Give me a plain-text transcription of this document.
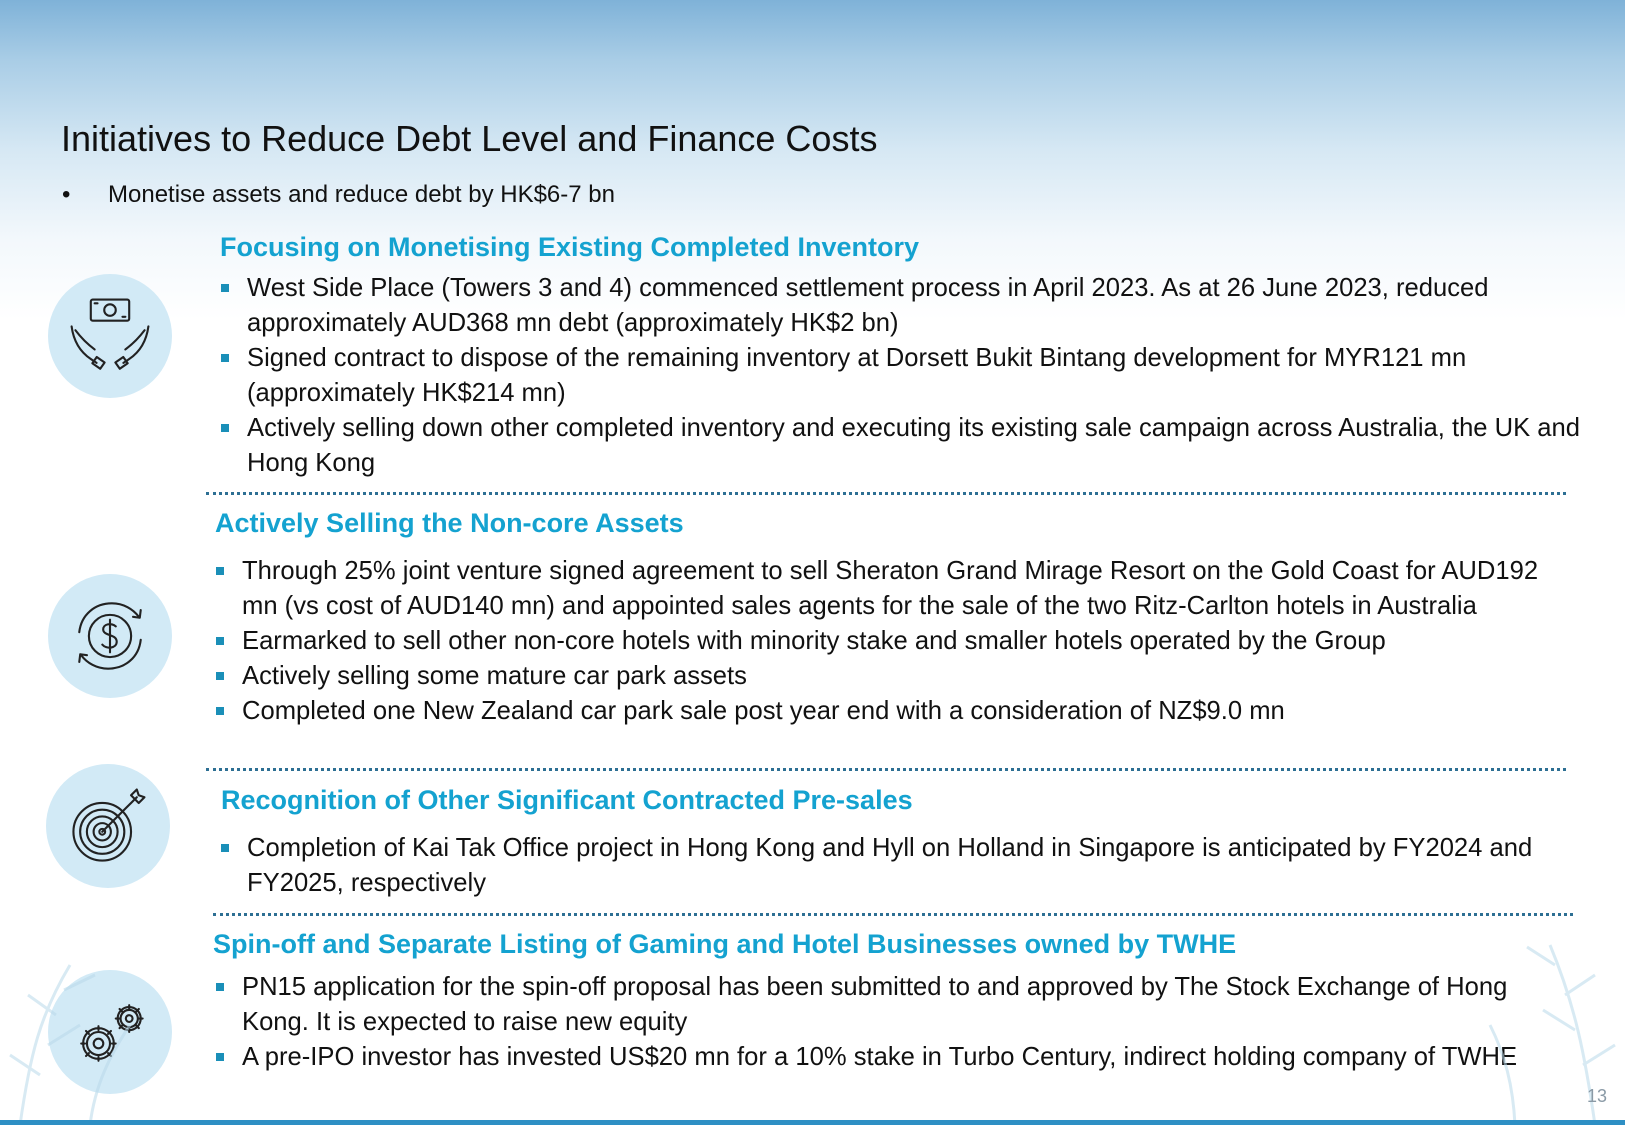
Initiatives to Reduce Debt Level and Finance Costs
• Monetise assets and reduce debt by HK$6-7 bn
Focusing on Monetising Existing Completed Inventory
West Side Place (Towers 3 and 4) commenced settlement process in April 2023. As at 26 June 2023, reduced approximately AUD368 mn debt (approximately HK$2 bn)
Signed contract to dispose of the remaining inventory at Dorsett Bukit Bintang development for MYR121 mn (approximately HK$214 mn)
Actively selling down other completed inventory and executing its existing sale campaign across Australia, the UK and Hong Kong
Actively Selling the Non-core Assets
Through 25% joint venture signed agreement to sell Sheraton Grand Mirage Resort on the Gold Coast for AUD192 mn (vs cost of AUD140 mn) and appointed sales agents for the sale of the two Ritz-Carlton hotels in Australia
Earmarked to sell other non-core hotels with minority stake and smaller hotels operated by the Group
Actively selling some mature car park assets
Completed one New Zealand car park sale post year end with a consideration of NZ$9.0 mn
Recognition of Other Significant Contracted Pre-sales
Completion of Kai Tak Office project in Hong Kong and Hyll on Holland in Singapore is anticipated by FY2024 and FY2025, respectively
Spin-off and Separate Listing of Gaming and Hotel Businesses owned by TWHE
PN15 application for the spin-off proposal has been submitted to and approved by The Stock Exchange of Hong Kong. It is expected to raise new equity
A pre-IPO investor has invested US$20 mn for a 10% stake in Turbo Century, indirect holding company of TWHE
13
